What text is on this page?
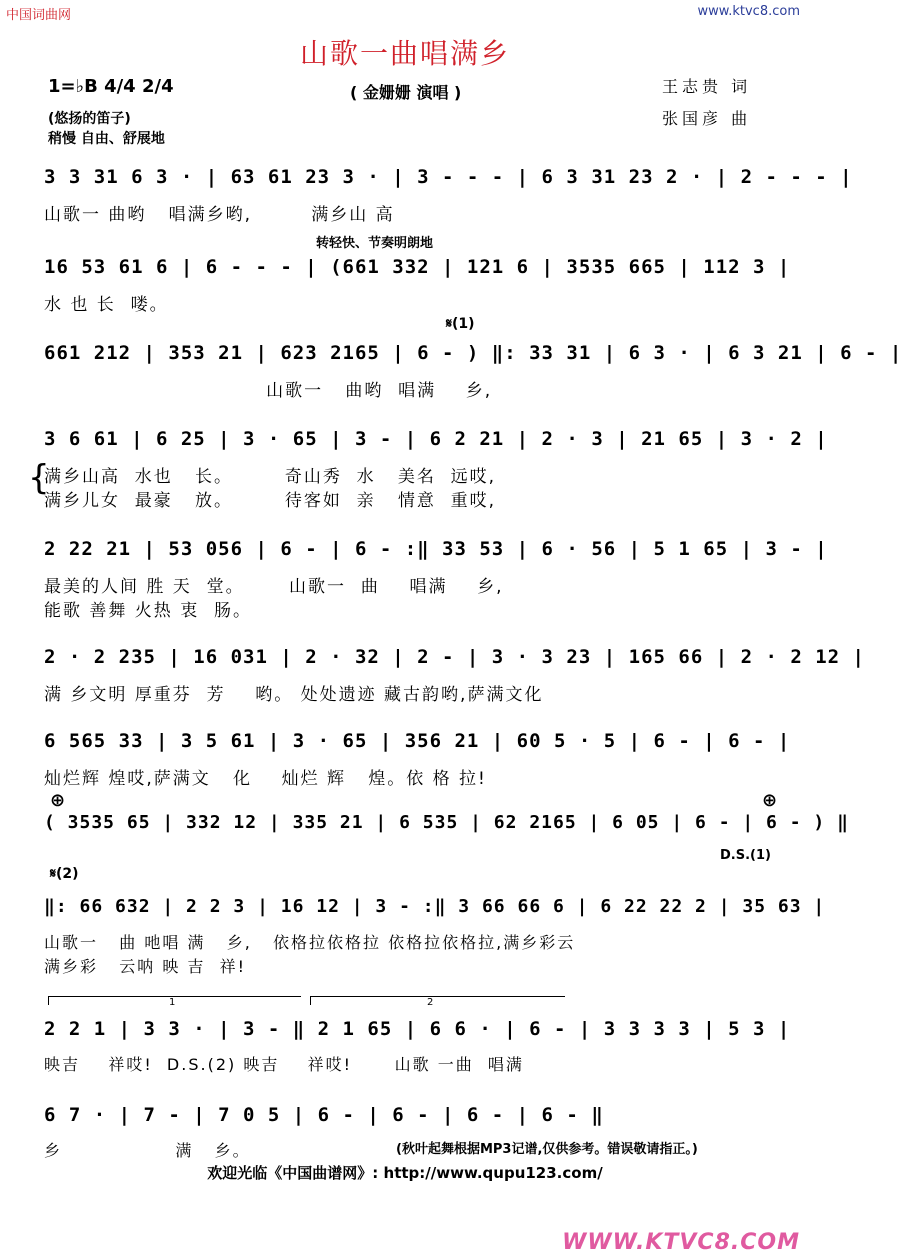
中国词曲网	www.ktvc8.com
山歌一曲唱满乡
1=♭B 4/4 2/4	( 金姗姗 演唱 )
(悠扬的笛子)
稍慢 自由、舒展地
王志贵 词
张国彦 曲
3 3 31 6 3 · | 63 61 23 3 · | 3 - - - | 6 3 31 23 2 · | 2 - - - |
山歌一 曲哟   唱满乡哟,        满乡山 高
转轻快、节奏明朗地
16 53 61 6 | 6 - - - | (661 332 | 121 6 | 3535 665 | 112 3 |
水 也 长  喽。
𝄋(1)
661 212 | 353 21 | 623 2165 | 6 - ) ‖: 33 31 | 6 3 · | 6 3 21 | 6 - |
山歌一   曲哟  唱满    乡,
3 6 61 | 6 25 | 3 · 65 | 3 - | 6 2 21 | 2 · 3 | 21 65 | 3 · 2 |
{
满乡山高  水也   长。       奇山秀  水   美名  远哎,
满乡儿女  最豪   放。       待客如  亲   情意  重哎,
2 22 21 | 53 056 | 6 - | 6 - :‖ 33 53 | 6 · 56 | 5 1 65 | 3 - |
最美的人间 胜 天  堂。      山歌一  曲    唱满    乡,
能歌 善舞 火热 衷  肠。
2 · 2 235 | 16 031 | 2 · 32 | 2 - | 3 · 3 23 | 165 66 | 2 · 2 12 |
满 乡文明 厚重芬  芳    哟。 处处遗迹 藏古韵哟,萨满文化
6 565 33 | 3 5 61 | 3 · 65 | 356 21 | 60 5 · 5 | 6 - | 6 - |
灿烂辉 煌哎,萨满文   化    灿烂 辉   煌。依 格 拉!
⊕	⊕
( 3535 65 | 332 12 | 335 21 | 6 535 | 62 2165 | 6 05 | 6 - | 6 - ) ‖
D.S.(1)
𝄋(2)
‖: 66 632 | 2 2 3 | 16 12 | 3 - :‖ 3 66 66 6 | 6 22 22 2 | 35 63 |
山歌一   曲 吔唱 满   乡,   依格拉依格拉 依格拉依格拉,满乡彩云
满乡彩   云呐 映 吉  祥!
1	2
2 2 1 | 3 3 · | 3 - ‖ 2 1 65 | 6 6 · | 6 - | 3 3 3 3 | 5 3 |
映吉    祥哎!  D.S.(2) 映吉    祥哎!      山歌 一曲  唱满
6 7 · | 7 - | 7 0 5 | 6 - | 6 - | 6 - | 6 - ‖
乡                满   乡。	(秋叶起舞根据MP3记谱,仅供参考。错误敬请指正。)
欢迎光临《中国曲谱网》: http://www.qupu123.com/
WWW.KTVC8.COM
